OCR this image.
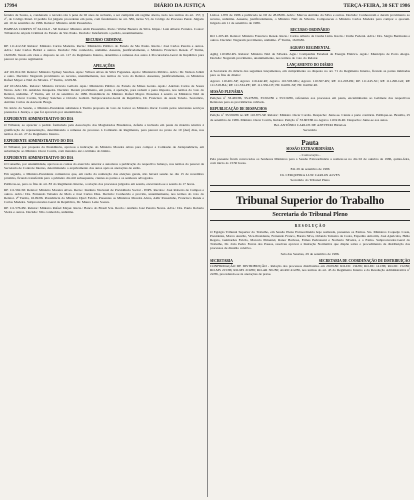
17994	DIÁRIO DA JUSTIÇA	TERÇA-FEIRA, 30 SET 1986

ferreira de Souza, e, condenado o terceiro réu à pena de 02 anos de reclusão, a ser cumprida em regime aberto, tudo nos termos do art. 157, § 2º, do Código Penal. O pedido foi julgado procedente em parte, com fundamento no art. 386, inciso VI, do Código de Processo Penal. Julgado em 10 de setembro de 1986. Relator: Ministro Aldir Passarinho.

HABEAS CORPUS Nº 64.104-0 - SP. Relator: Ministro Aldir Passarinho. Pacte.: Walter Bezerra da Silva. Impte.: Luiz Alberto Ferreira. Coator: Tribunal de Alçada Criminal do Estado de São Paulo. Decisão: Indeferiram o pedido, unanimemente.

RECURSO CRIMINAL

RE 111.412-SP. Relator: Ministro Carlos Madeira. Recte.: Ministério Público do Estado de São Paulo. Recdo.: José Carlos Pereira e outros. Advs.: Luiz Carlos Bettiol e outros. Decisão: Não conhecido, unânime. Ausente, justificadamente, o Ministro Francisco Rezek. 2ª Turma, 16.09.86. Tendo em vista o disposto no art. 117 do Regimento Interno, determino a remessa dos autos à Procuradoria-Geral da República para parecer no prazo regimental.

APELAÇÕES

AP 101.812-SP. Relator: Ministro Sydney Sanches. Apte.: Wilson Alves da Silva Fagundes. Apdo.: Ministério Público. Advs.: Dr. Nelson Jobim e outro. Decisão: Negaram provimento ao recurso, unanimemente, nos termos do voto do Relator. Ausentes, justificadamente, os Ministros Rafael Mayer e Néri da Silveira. 1ª Turma, 12.09.86.

AP 101.824-MG. Relator: Ministro Octavio Gallotti. Apte.: Ministério Público do Estado de Minas Gerais. Apdo.: Antônio Carlos de Souza Neves. Adv.: Dr. Aristides Junqueira. Decisão: Deram provimento, em parte, à apelação, para reduzir a pena imposta, nos termos do voto do Relator, unânime. 1ª Turma, em 12 de setembro de 1986. Presidência do Ministro Rafael Mayer. Presentes à sessão os Ministros Néri da Silveira, Oscar Corrêa, Sydney Sanches e Octavio Gallotti. Subprocurador-Geral da República, Dr. Francisco de Assis Toledo. Secretário, Antônio Carlos de Azevedo Braga.

No início da Sessão, o Ministro-Presidente submeteu à Turma proposta de voto de louvor ao Ministro Oscar Corrêa pelos relevantes serviços prestados à Justiça, o que foi aprovado por unanimidade.

EXPEDIENTE ADMINISTRATIVO DO DIA

O Tribunal, ao apreciar o pedido formulado pela Associação dos Magistrados Brasileiros, deferiu a inclusão em pauta da matéria relativa à gratificação de representação, determinando a remessa do processo à Comissão de Regimento, para parecer no prazo de 10 (dez) dias, nos termos do art. 27 do Regimento Interno.

EXPEDIENTE ADMINISTRATIVO DO DIA

O Tribunal, por proposta da Presidência, aprovou a indicação do Ministro Moreira Alves para compor a Comissão de Jurisprudência, em substituição ao Ministro Oscar Corrêa, com mandato até o término do biênio.

EXPEDIENTE ADMINISTRATIVO DO DIA

O Conselho, por unanimidade, aprovou as contas do exercício anterior e autorizou a publicação do respectivo balanço, nos termos do parecer da Secretaria de Controle Interno, determinando o arquivamento dos autos após as anotações de estilo.

Em seguida, o Ministro-Presidente comunicou que, em razão da realização das eleições gerais, não haverá sessão no dia 15 de novembro próximo, ficando transferida para o primeiro dia útil subsequente, cientes as partes e os senhores advogados.

Publicou-se, para os fins do art. 83 do Regimento Interno, a relação dos processos julgados em sessão, encerrando-se a sessão às 17 horas.

RE 111.562-SP. Relator: Ministro Moreira Alves. Recte.: Instituto Nacional de Previdência Social - INPS. Recdos.: José Roberto de Campos e outros. Advs.: Drs. Fernando Teixeira de Melo e José Carlos Dias. Decisão: Conhecido e provido, unanimemente, nos termos do voto do Relator. 2ª Turma, 16.09.86. Presidência do Ministro Djaci Falcão. Presentes os Ministros Moreira Alves, Aldir Passarinho, Francisco Rezek e Carlos Madeira. Subprocurador-Geral da República, Dr. Mauro Leite Soares.

RE 111.576-PR. Relator: Ministro Rafael Mayer. Recte.: Banco do Brasil S/A. Recdo.: Antônio José Pereira Neves. Advs.: Drs. Paulo Roberto Vieira e outros. Decisão: Não conhecido, unânime.

Lisboa 1.876 de 1986 e publicada no DJ de 28.08.86. Advs.: Marcos Antônio da Silva e outros. Decisão: Conheceram e deram provimento ao recurso, unânime. Ausente, justificadamente, o Ministro Néri da Silveira. Compareceu o Ministro Carlos Madeira para compor o quorum. Julgado em 11 de setembro de 1986.

RECURSO ORDINÁRIO

RO 1.205-RJ. Relator: Ministro Francisco Rezek. Recte.: Carlos Alberto da Cunha Lima. Recdo.: União Federal. Advs.: Drs. Sérgio Bermudes e outros. Decisão: Negaram provimento, unânime. 2ª Turma, 16.09.86.

AGRAVO REGIMENTAL

AgRg 110.982-RS. Relator: Ministro Néri da Silveira. Agte.: Companhia Estadual de Energia Elétrica. Agdo.: Município de Porto Alegre. Decisão: Negaram provimento, unanimemente, nos termos do voto do Relator.

LANÇAMENTO DO DIÁRIO

A Secretaria dá ciência dos seguintes lançamentos, em cumprimento ao disposto no art. 71 do Regimento Interno, ficando as partes intimadas para os fins de direito:

Agravo 110.401-SP; Agravo 110.442-RJ; Agravo 110.503-MG; Agravo 110.567-RS; RE 111.203-PR; RE 111.245-SC; RE 111.290-GO; RE 111.318-BA; RE 111.334-PE; RE 111.356-CE; HC 64.081-SP; HC 64.092-RJ.

SESSÃO PLENÁRIA

Petições nº 33.465/86, 33.478/86, 33.502/86 e 33.519/86, referentes aos processos em pauta, encaminhadas ao Gabinete dos respectivos Relatores para as providências cabíveis.

REPUBLICAÇÃO DE DESPACHOS

Petição nº 33.590/86 no RE 110.875-SP. Relator: Ministro Oscar Corrêa. Despacho: Junte-se. Ciente a parte contrária. Publique-se. Brasília, 25 de setembro de 1986. Ministro Oscar Corrêa, Relator. Petição nº 33.603/86 no Agravo 110.916-RJ. Despacho: Junte-se aos autos.

Bel. ANTÔNIO CARLOS DE AZEVEDO BRAGA
Secretário
Pauta
SESSÃO EXTRAORDINÁRIA
- Convocação -

Pela presente ficam convocados os Senhores Ministros para a Sessão Extraordinária a realizar-se no dia 02 de outubro de 1986, quinta-feira, com início às 13:30 horas.

Em 29 de setembro de 1986
Dr. CERQUEIRA LUIZ CARLOS ALVES
Secretário do Tribunal Pleno
Tribunal Superior do Trabalho
Secretaria do Tribunal Pleno
R E S O L U Ç Ã O

O Egrégio Tribunal Superior do Trabalho, em Sessão Plena Extraordinária hoje realizada, presentes os Exmos. Srs. Ministros Coqueijo Costa, Presidente, Marco Aurélio, Vice-Presidente, Fernando Franco, Barata Silva, Orlando Teixeira da Costa, Expedito Amorim, José Ajuricaba, Hélio Regato, Guimarães Falcão, Marcelo Pimentel, Ranor Barbosa, Ermes Pedrassani e Norberto Silveira, e o Exmo. Subprocurador-Geral do Trabalho, Dr. João Pedro Ferraz dos Passos, resolveu aprovar a Instrução Normativa que dispõe sobre o procedimento de distribuição dos processos de dissídio coletivo.

Sala das Sessões, 29 de setembro de 1986.
SECRETARIA	SECRETARIA DE COORDENAÇÃO DE DISTRIBUIÇÃO

CONFIRMAÇÃO DE DISTRIBUIÇÃO - Relação dos processos distribuídos em 29.09.86: RO-DC 134/86; RO-DC 141/86; RO-DC 152/86; RO-MS 215/86; RO-MS 219/86; RO-AR 301/86; AI-RO 412/86, nos termos do art. 45 do Regimento Interno e da Resolução Administrativa nº 22/86, procedendo-se às anotações de praxe.
